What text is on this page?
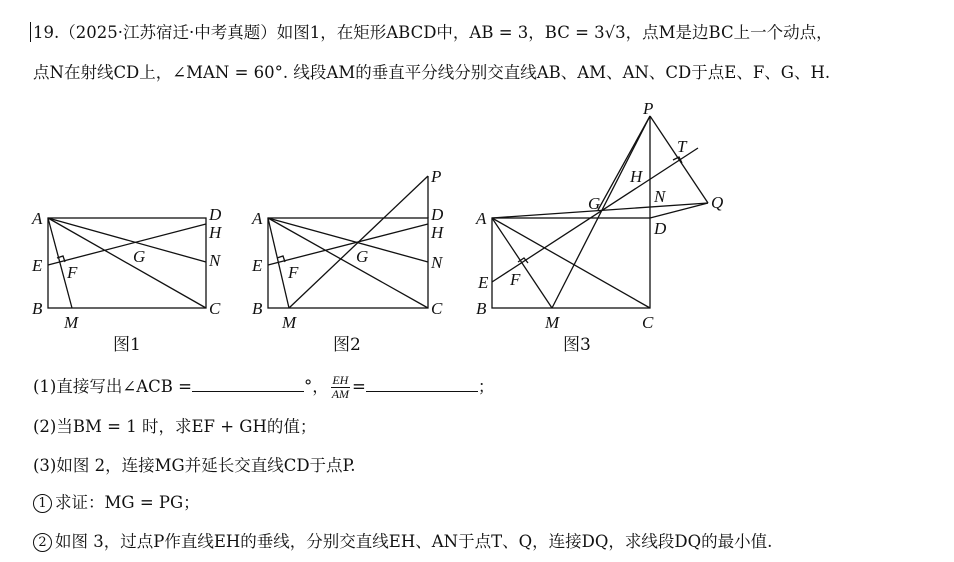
19.（2025·江苏宿迁·中考真题）如图1，在矩形ABCD中，AB = 3，BC = 3√3，点M是边BC上一个动点，
点N在射线CD上，∠MAN = 60°. 线段AM的垂直平分线分别交直线AB、AM、AN、CD于点E、F、G、H.
A
B	C
D
H
N
E F
G
M
图1
A
B	C
D
H
N
P
E F
G
M
图2
A
B
C
D
E F
G
H
M
N
P
Q
T
图3
(1)直接写出∠ACB =	°， $\frac{EH}{AM}$ =	；
(2)当BM = 1 时，求EF + GH的值；
(3)如图 2，连接MG并延长交直线CD于点P.
1 求证：MG = PG；
2 如图 3，过点P作直线EH的垂线，分别交直线EH、AN于点T、Q，连接DQ，求线段DQ的最小值.
